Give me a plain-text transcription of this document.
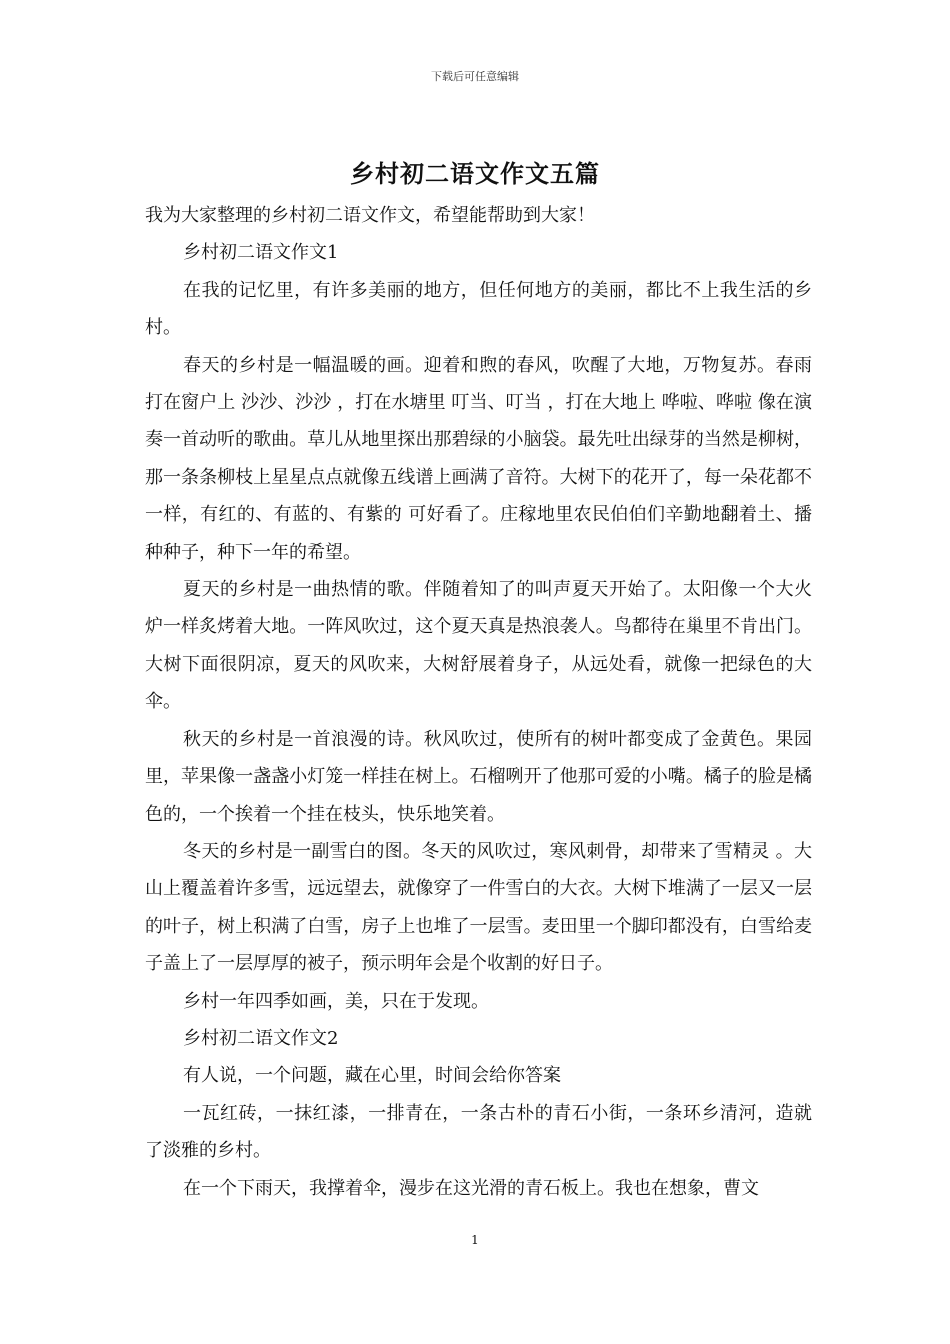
下载后可任意编辑
乡村初二语文作文五篇

我为大家整理的乡村初二语文作文，希望能帮助到大家！

乡村初二语文作文1

在我的记忆里，有许多美丽的地方，但任何地方的美丽，都比不上我生活的乡村。

春天的乡村是一幅温暖的画。迎着和煦的春风，吹醒了大地，万物复苏。春雨打在窗户上 沙沙、沙沙 ，打在水塘里 叮当、叮当 ，打在大地上 哗啦、哗啦 像在演奏一首动听的歌曲。草儿从地里探出那碧绿的小脑袋。最先吐出绿芽的当然是柳树，那一条条柳枝上星星点点就像五线谱上画满了音符。大树下的花开了，每一朵花都不一样，有红的、有蓝的、有紫的 可好看了。庄稼地里农民伯伯们辛勤地翻着土、播种种子，种下一年的希望。

夏天的乡村是一曲热情的歌。伴随着知了的叫声夏天开始了。太阳像一个大火炉一样炙烤着大地。一阵风吹过，这个夏天真是热浪袭人。鸟都待在巢里不肯出门。大树下面很阴凉，夏天的风吹来，大树舒展着身子，从远处看，就像一把绿色的大伞。

秋天的乡村是一首浪漫的诗。秋风吹过，使所有的树叶都变成了金黄色。果园里，苹果像一盏盏小灯笼一样挂在树上。石榴咧开了他那可爱的小嘴。橘子的脸是橘色的，一个挨着一个挂在枝头，快乐地笑着。

冬天的乡村是一副雪白的图。冬天的风吹过，寒风刺骨，却带来了雪精灵 。大山上覆盖着许多雪，远远望去，就像穿了一件雪白的大衣。大树下堆满了一层又一层的叶子，树上积满了白雪，房子上也堆了一层雪。麦田里一个脚印都没有，白雪给麦子盖上了一层厚厚的被子，预示明年会是个收割的好日子。

乡村一年四季如画，美，只在于发现。

乡村初二语文作文2

有人说，一个问题，藏在心里，时间会给你答案

一瓦红砖，一抹红漆，一排青在，一条古朴的青石小街，一条环乡清河，造就了淡雅的乡村。

在一个下雨天，我撑着伞，漫步在这光滑的青石板上。我也在想象，曹文

1
